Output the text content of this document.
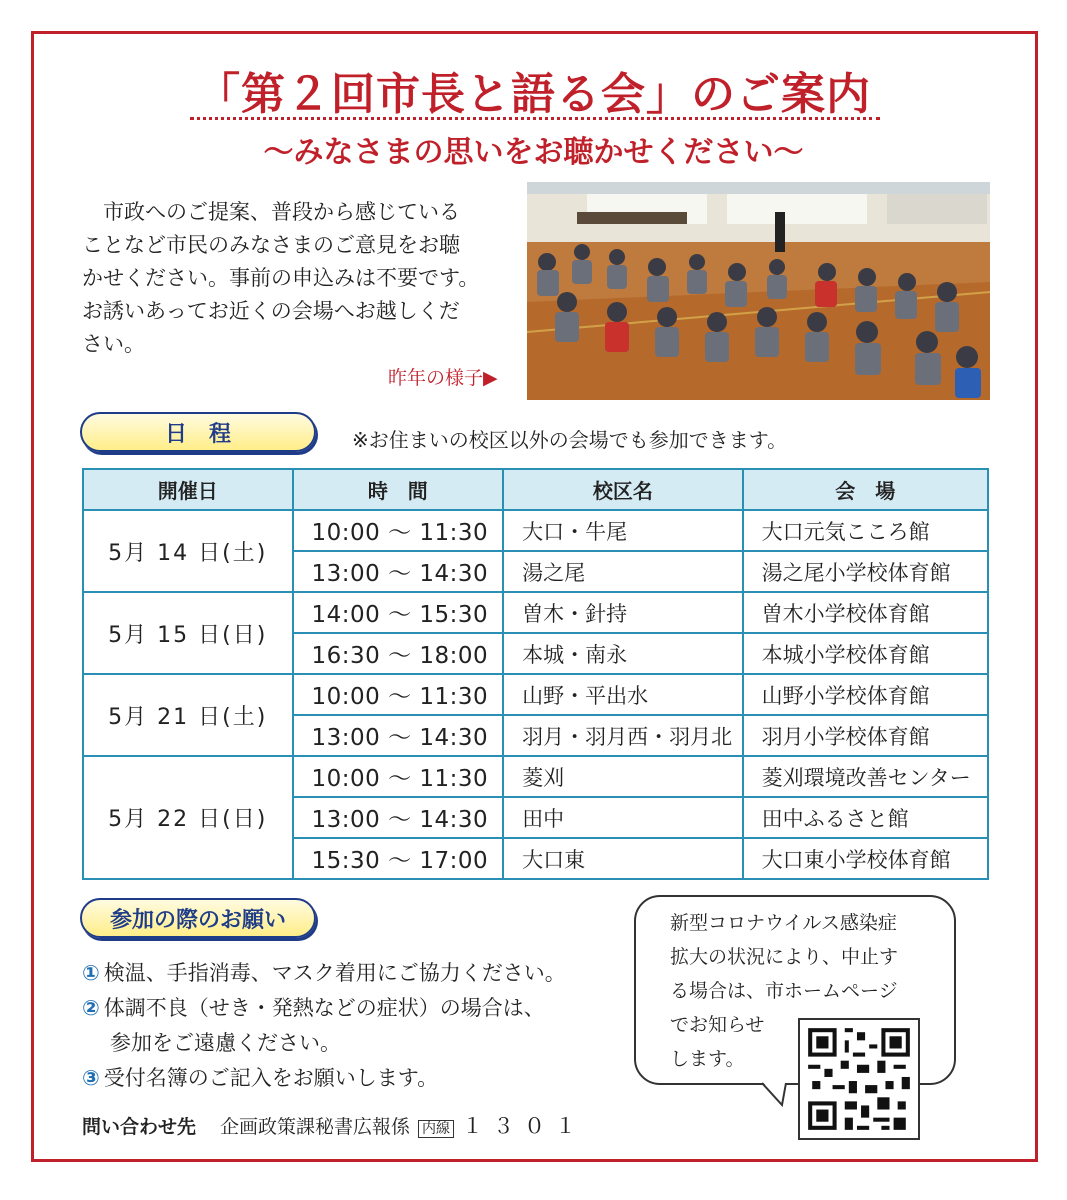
「第２回市長と語る会」のご案内
〜みなさまの思いをお聴かせください〜

　市政へのご提案、普段から感じている
ことなど市民のみなさまのご意見をお聴
かせください。事前の申込みは不要です。
お誘いあってお近くの会場へお越しくだ
さい。

昨年の様子▶
日　程	※お住まいの校区以外の会場でも参加できます。
開催日	時　間	校区名	会　場
5月 14 日(土)	10:00 〜 11:30	大口・牛尾	大口元気こころ館
	13:00 〜 14:30	湯之尾	湯之尾小学校体育館
5月 15 日(日)	14:00 〜 15:30	曽木・針持	曽木小学校体育館
	16:30 〜 18:00	本城・南永	本城小学校体育館
5月 21 日(土)	10:00 〜 11:30	山野・平出水	山野小学校体育館
	13:00 〜 14:30	羽月・羽月西・羽月北	羽月小学校体育館
5月 22 日(日)	10:00 〜 11:30	菱刈	菱刈環境改善センター
	13:00 〜 14:30	田中	田中ふるさと館
	15:30 〜 17:00	大口東	大口東小学校体育館
参加の際のお願い
① 検温、手指消毒、マスク着用にご協力ください。
② 体調不良（せき・発熱などの症状）の場合は、
参加をご遠慮ください。
③ 受付名簿のご記入をお願いします。
問い合わせ先 企画政策課秘書広報係 内線 １３０１
新型コロナウイルス感染症
拡大の状況により、中止す
る場合は、市ホームページ
でお知らせ
します。
